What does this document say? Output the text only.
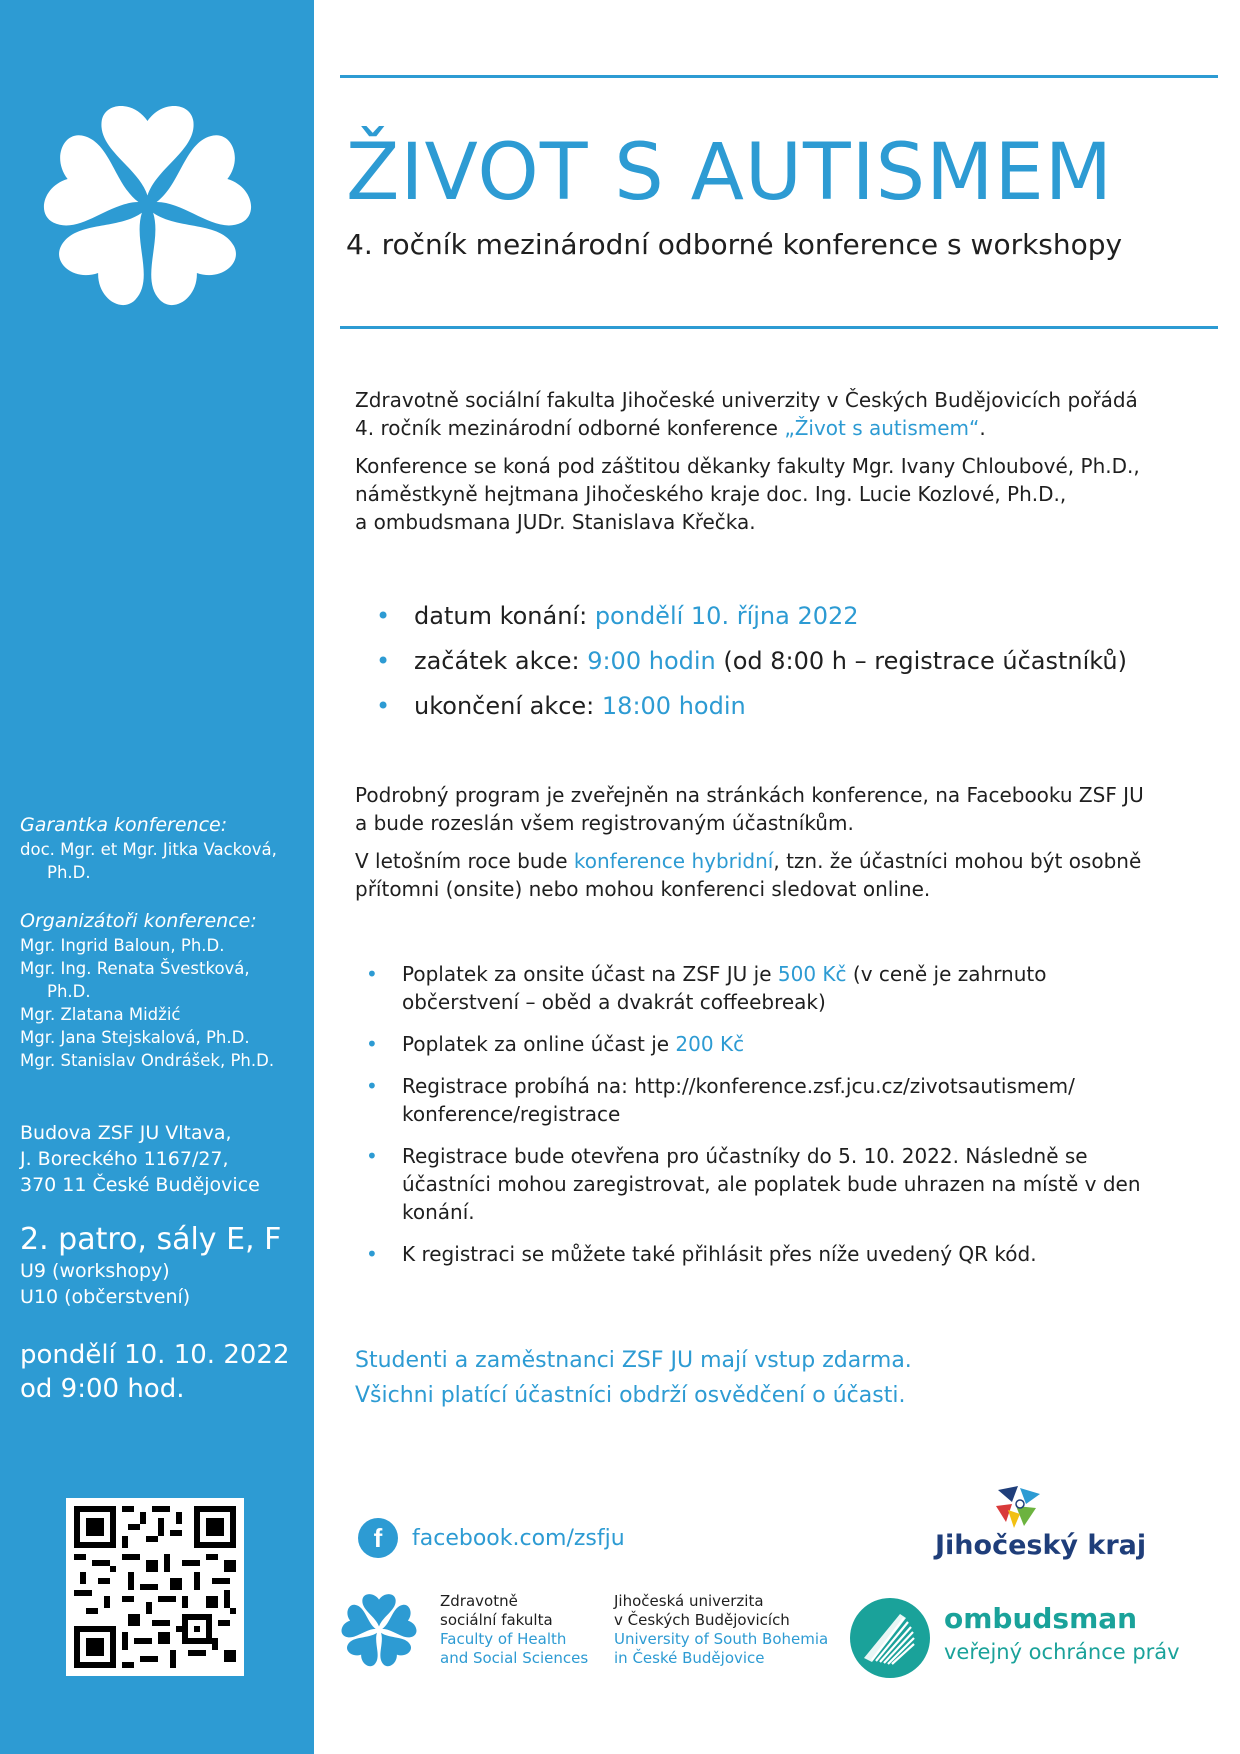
Garantka konference:
doc. Mgr. et Mgr. Jitka Vacková,
Ph.D.
Organizátoři konference:
Mgr. Ingrid Baloun, Ph.D.
Mgr. Ing. Renata Švestková,
Ph.D.
Mgr. Zlatana Midžić
Mgr. Jana Stejskalová, Ph.D.
Mgr. Stanislav Ondrášek, Ph.D.
Budova ZSF JU Vltava,
J. Boreckého 1167/27,
370 11 České Budějovice
2. patro, sály E, F
U9 (workshopy)
U10 (občerstvení)
pondělí 10. 10. 2022
od 9:00 hod.
ŽIVOT S AUTISMEM
4. ročník mezinárodní odborné konference s workshopy

Zdravotně sociální fakulta Jihočeské univerzity v Českých Budějovicích pořádá
4. ročník mezinárodní odborné konference „Život s autismem“.

Konference se koná pod záštitou děkanky fakulty Mgr. Ivany Chloubové, Ph.D.,
náměstkyně hejtmana Jihočeského kraje doc. Ing. Lucie Kozlové, Ph.D.,
a ombudsmana JUDr. Stanislava Křečka.

• datum konání: pondělí 10. října 2022
• začátek akce: 9:00 hodin (od 8:00 h – registrace účastníků)
• ukončení akce: 18:00 hodin

Podrobný program je zveřejněn na stránkách konference, na Facebooku ZSF JU
a bude rozeslán všem registrovaným účastníkům.

V letošním roce bude konference hybridní, tzn. že účastníci mohou být osobně
přítomni (onsite) nebo mohou konferenci sledovat online.

• Poplatek za onsite účast na ZSF JU je 500 Kč (v ceně je zahrnuto
občerstvení – oběd a dvakrát coffeebreak)
• Poplatek za online účast je 200 Kč
• Registrace probíhá na: http://konference.zsf.jcu.cz/zivotsautismem/
konference/registrace
• Registrace bude otevřena pro účastníky do 5. 10. 2022. Následně se
účastníci mohou zaregistrovat, ale poplatek bude uhrazen na místě v den
konání.
• K registraci se můžete také přihlásit přes níže uvedený QR kód.
Studenti a zaměstnanci ZSF JU mají vstup zdarma.
Všichni platící účastníci obdrží osvědčení o účasti.
f	facebook.com/zsfju
Zdravotně
sociální fakulta
Faculty of Health
and Social Sciences
Jihočeská univerzita
v Českých Budějovicích
University of South Bohemia
in České Budějovice
Jihočeský kraj
ombudsman
veřejný ochránce práv
